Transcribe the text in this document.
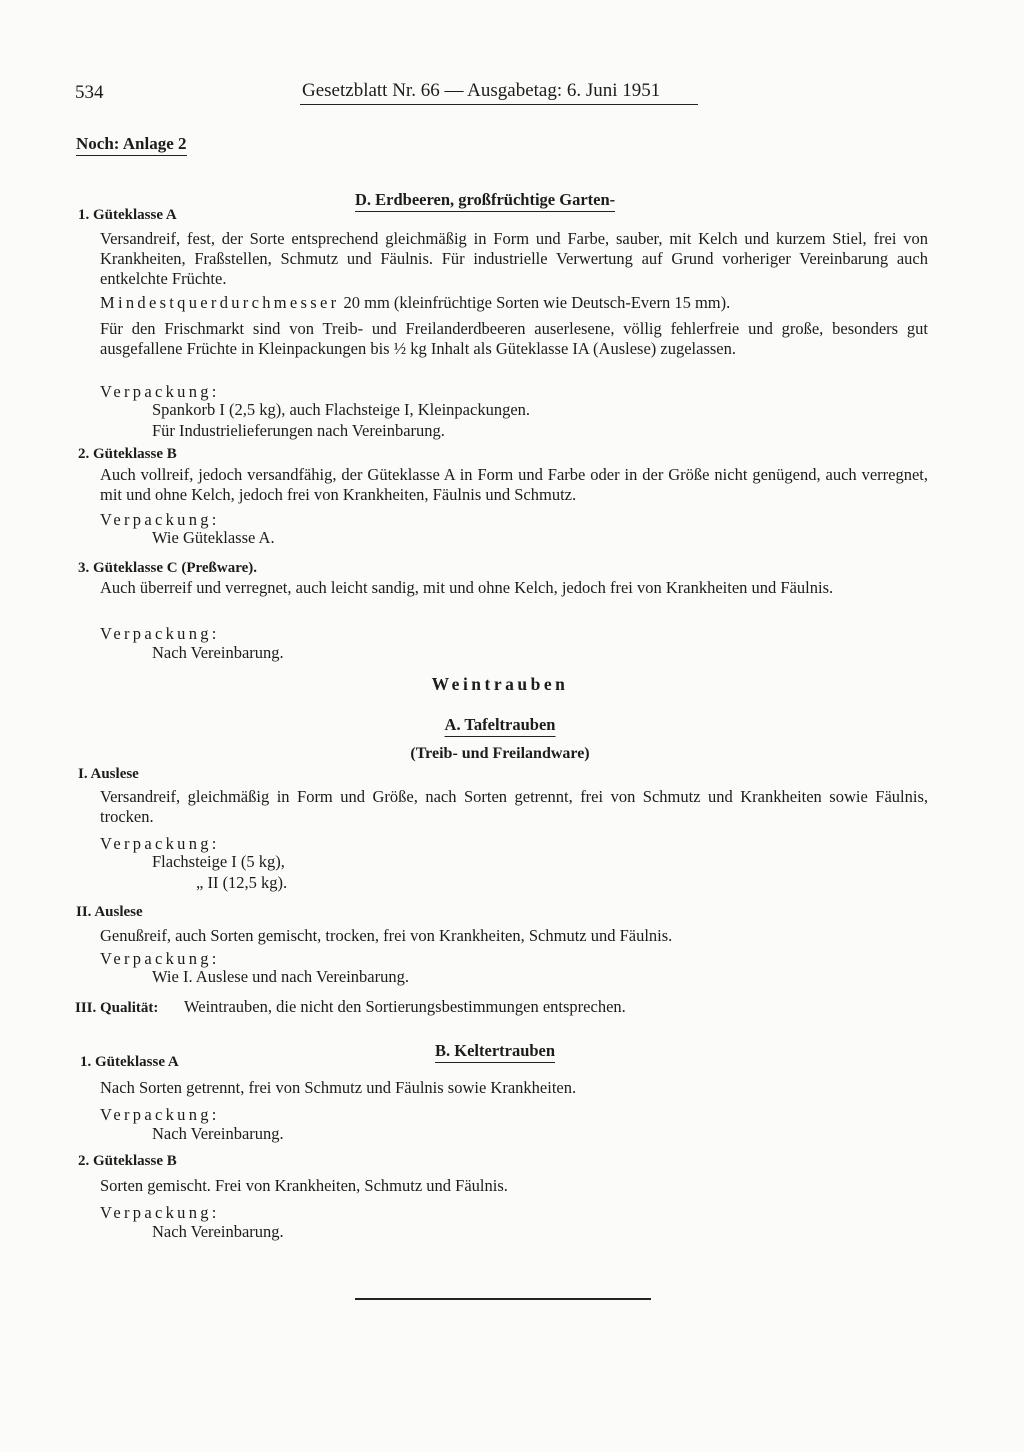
534	Gesetzblatt Nr. 66 — Ausgabetag: 6. Juni 1951
Noch: Anlage 2
D. Erdbeeren, großfrüchtige Garten-
1. Güteklasse A
Versandreif, fest, der Sorte entsprechend gleichmäßig in Form und Farbe, sauber, mit Kelch und kurzem Stiel, frei von Krankheiten, Fraßstellen, Schmutz und Fäulnis. Für industrielle Verwertung auf Grund vorheriger Vereinbarung auch entkelchte Früchte.
Mindestquerdurchmesser 20 mm (kleinfrüchtige Sorten wie Deutsch-Evern 15 mm).
Für den Frischmarkt sind von Treib- und Freilanderdbeeren auserlesene, völlig fehlerfreie und große, besonders gut ausgefallene Früchte in Kleinpackungen bis ½ kg Inhalt als Güteklasse IA (Auslese) zugelassen.
Verpackung:
Spankorb I (2,5 kg), auch Flachsteige I, Kleinpackungen.
Für Industrielieferungen nach Vereinbarung.
2. Güteklasse B
Auch vollreif, jedoch versandfähig, der Güteklasse A in Form und Farbe oder in der Größe nicht genügend, auch verregnet, mit und ohne Kelch, jedoch frei von Krankheiten, Fäulnis und Schmutz.
Verpackung:
Wie Güteklasse A.
3. Güteklasse C (Preßware).
Auch überreif und verregnet, auch leicht sandig, mit und ohne Kelch, jedoch frei von Krankheiten und Fäulnis.
Verpackung:
Nach Vereinbarung.
Weintrauben
A. Tafeltrauben
(Treib- und Freilandware)
I. Auslese
Versandreif, gleichmäßig in Form und Größe, nach Sorten getrennt, frei von Schmutz und Krankheiten sowie Fäulnis, trocken.
Verpackung:
Flachsteige I (5 kg),
„ II (12,5 kg).
II. Auslese
Genußreif, auch Sorten gemischt, trocken, frei von Krankheiten, Schmutz und Fäulnis.
Verpackung:
Wie I. Auslese und nach Vereinbarung.
III. Qualität: Weintrauben, die nicht den Sortierungsbestimmungen entsprechen.
B. Keltertrauben
1. Güteklasse A
Nach Sorten getrennt, frei von Schmutz und Fäulnis sowie Krankheiten.
Verpackung:
Nach Vereinbarung.
2. Güteklasse B
Sorten gemischt. Frei von Krankheiten, Schmutz und Fäulnis.
Verpackung:
Nach Vereinbarung.
